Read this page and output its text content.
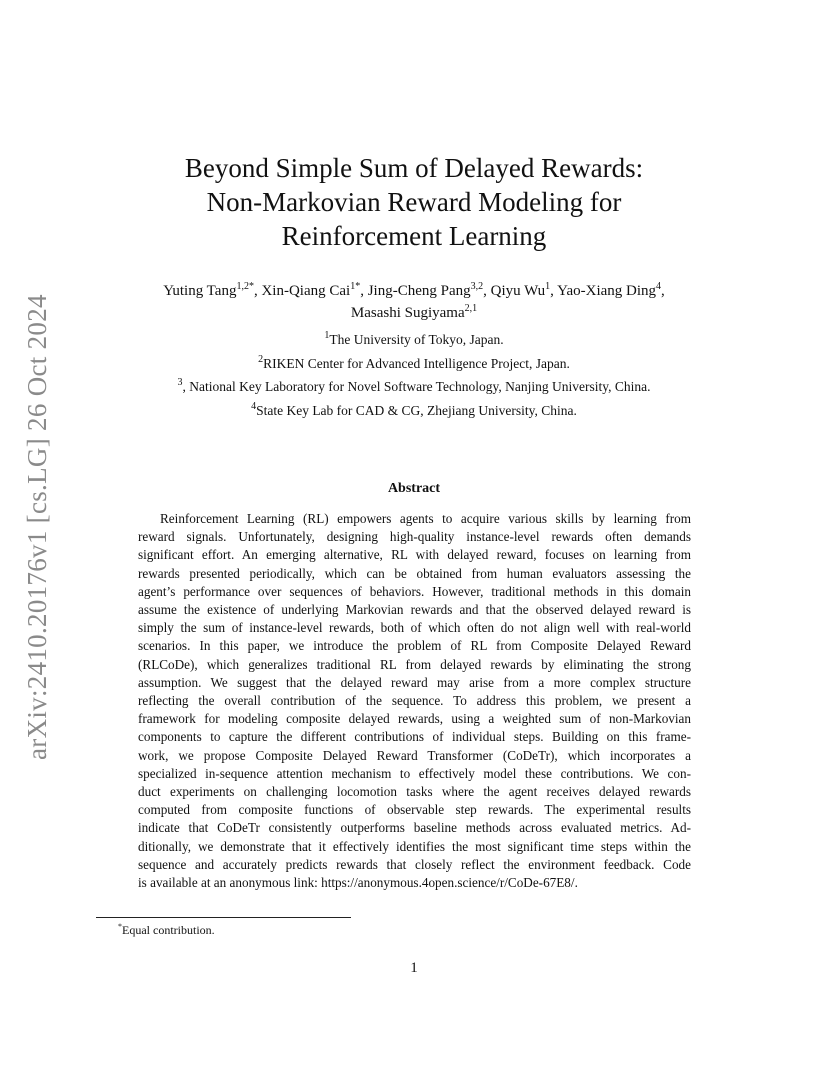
arXiv:2410.20176v1 [cs.LG] 26 Oct 2024
Beyond Simple Sum of Delayed Rewards:
Non-Markovian Reward Modeling for
Reinforcement Learning
Yuting Tang$^{1,2*}$, Xin-Qiang Cai$^{1*}$, Jing-Cheng Pang$^{3,2}$, Qiyu Wu$^1$, Yao-Xiang Ding$^4$,
Masashi Sugiyama$^{2,1}$
$^1$The University of Tokyo, Japan.
$^2$RIKEN Center for Advanced Intelligence Project, Japan.
$^3$, National Key Laboratory for Novel Software Technology, Nanjing University, China.
$^4$State Key Lab for CAD & CG, Zhejiang University, China.
Abstract
Reinforcement Learning (RL) empowers agents to acquire various skills by learning from
reward signals. Unfortunately, designing high-quality instance-level rewards often demands
significant effort. An emerging alternative, RL with delayed reward, focuses on learning from
rewards presented periodically, which can be obtained from human evaluators assessing the
agent’s performance over sequences of behaviors. However, traditional methods in this domain
assume the existence of underlying Markovian rewards and that the observed delayed reward is
simply the sum of instance-level rewards, both of which often do not align well with real-world
scenarios. In this paper, we introduce the problem of RL from Composite Delayed Reward
(RLCoDe), which generalizes traditional RL from delayed rewards by eliminating the strong
assumption. We suggest that the delayed reward may arise from a more complex structure
reflecting the overall contribution of the sequence. To address this problem, we present a
framework for modeling composite delayed rewards, using a weighted sum of non-Markovian
components to capture the different contributions of individual steps. Building on this frame-
work, we propose Composite Delayed Reward Transformer (CoDeTr), which incorporates a
specialized in-sequence attention mechanism to effectively model these contributions. We con-
duct experiments on challenging locomotion tasks where the agent receives delayed rewards
computed from composite functions of observable step rewards. The experimental results
indicate that CoDeTr consistently outperforms baseline methods across evaluated metrics. Ad-
ditionally, we demonstrate that it effectively identifies the most significant time steps within the
sequence and accurately predicts rewards that closely reflect the environment feedback. Code
is available at an anonymous link: https://anonymous.4open.science/r/CoDe-67E8/.
*Equal contribution.
1
